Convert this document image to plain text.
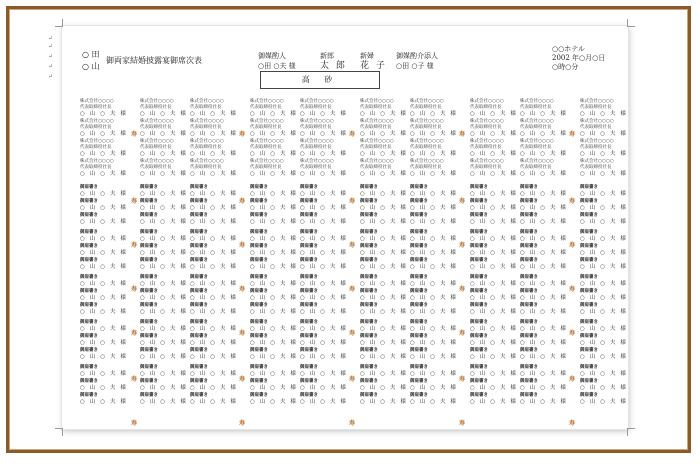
○ 田
○ 山
御両家結婚披露宴御席次表	御媒酌人
○田 ○夫 様
新郎
太 郎
新婦
花 子
御媒酌介添人
○田 ○子 様
○○ホテル
2002 年○月○日
○時○分
高 砂
株式会社○○○○
代表取締役社長
○ 山 ○ 夫 様
株式会社○○○○
代表取締役社長
○ 山 ○ 夫 様
株式会社○○○○
代表取締役社長
○ 山 ○ 夫 様
株式会社○○○○
代表取締役社長
○ 山 ○ 夫 様
御肩書き
○ 山 ○ 夫 様
御肩書き
○ 山 ○ 夫 様
御肩書き
○ 山 ○ 夫 様
御肩書き
○ 山 ○ 夫 様
御肩書き
○ 山 ○ 夫 様
御肩書き
○ 山 ○ 夫 様
御肩書き
○ 山 ○ 夫 様
御肩書き
○ 山 ○ 夫 様
御肩書き
○ 山 ○ 夫 様
御肩書き
○ 山 ○ 夫 様
御肩書き
○ 山 ○ 夫 様
御肩書き
○ 山 ○ 夫 様
御肩書き
○ 山 ○ 夫 様
御肩書き
○ 山 ○ 夫 様
御肩書き
○ 山 ○ 夫 様
株式会社○○○○
代表取締役社長
○ 山 ○ 夫 様
株式会社○○○○
代表取締役社長
○ 山 ○ 夫 様
株式会社○○○○
代表取締役社長
○ 山 ○ 夫 様
株式会社○○○○
代表取締役社長
○ 山 ○ 夫 様
御肩書き
○ 山 ○ 夫 様
御肩書き
○ 山 ○ 夫 様
御肩書き
○ 山 ○ 夫 様
御肩書き
○ 山 ○ 夫 様
御肩書き
○ 山 ○ 夫 様
御肩書き
○ 山 ○ 夫 様
御肩書き
○ 山 ○ 夫 様
御肩書き
○ 山 ○ 夫 様
御肩書き
○ 山 ○ 夫 様
御肩書き
○ 山 ○ 夫 様
御肩書き
○ 山 ○ 夫 様
御肩書き
○ 山 ○ 夫 様
御肩書き
○ 山 ○ 夫 様
御肩書き
○ 山 ○ 夫 様
御肩書き
○ 山 ○ 夫 様
株式会社○○○○
代表取締役社長
○ 山 ○ 夫 様
株式会社○○○○
代表取締役社長
○ 山 ○ 夫 様
株式会社○○○○
代表取締役社長
○ 山 ○ 夫 様
株式会社○○○○
代表取締役社長
○ 山 ○ 夫 様
御肩書き
○ 山 ○ 夫 様
御肩書き
○ 山 ○ 夫 様
御肩書き
○ 山 ○ 夫 様
御肩書き
○ 山 ○ 夫 様
御肩書き
○ 山 ○ 夫 様
御肩書き
○ 山 ○ 夫 様
御肩書き
○ 山 ○ 夫 様
御肩書き
○ 山 ○ 夫 様
御肩書き
○ 山 ○ 夫 様
御肩書き
○ 山 ○ 夫 様
御肩書き
○ 山 ○ 夫 様
御肩書き
○ 山 ○ 夫 様
御肩書き
○ 山 ○ 夫 様
御肩書き
○ 山 ○ 夫 様
御肩書き
○ 山 ○ 夫 様
株式会社○○○○
代表取締役社長
○ 山 ○ 夫 様
株式会社○○○○
代表取締役社長
○ 山 ○ 夫 様
株式会社○○○○
代表取締役社長
○ 山 ○ 夫 様
株式会社○○○○
代表取締役社長
○ 山 ○ 夫 様
御肩書き
○ 山 ○ 夫 様
御肩書き
○ 山 ○ 夫 様
御肩書き
○ 山 ○ 夫 様
御肩書き
○ 山 ○ 夫 様
御肩書き
○ 山 ○ 夫 様
御肩書き
○ 山 ○ 夫 様
御肩書き
○ 山 ○ 夫 様
御肩書き
○ 山 ○ 夫 様
御肩書き
○ 山 ○ 夫 様
御肩書き
○ 山 ○ 夫 様
御肩書き
○ 山 ○ 夫 様
御肩書き
○ 山 ○ 夫 様
御肩書き
○ 山 ○ 夫 様
御肩書き
○ 山 ○ 夫 様
御肩書き
○ 山 ○ 夫 様
株式会社○○○○
代表取締役社長
○ 山 ○ 夫 様
株式会社○○○○
代表取締役社長
○ 山 ○ 夫 様
株式会社○○○○
代表取締役社長
○ 山 ○ 夫 様
株式会社○○○○
代表取締役社長
○ 山 ○ 夫 様
御肩書き
○ 山 ○ 夫 様
御肩書き
○ 山 ○ 夫 様
御肩書き
○ 山 ○ 夫 様
御肩書き
○ 山 ○ 夫 様
御肩書き
○ 山 ○ 夫 様
御肩書き
○ 山 ○ 夫 様
御肩書き
○ 山 ○ 夫 様
御肩書き
○ 山 ○ 夫 様
御肩書き
○ 山 ○ 夫 様
御肩書き
○ 山 ○ 夫 様
御肩書き
○ 山 ○ 夫 様
御肩書き
○ 山 ○ 夫 様
御肩書き
○ 山 ○ 夫 様
御肩書き
○ 山 ○ 夫 様
御肩書き
○ 山 ○ 夫 様
株式会社○○○○
代表取締役社長
○ 山 ○ 夫 様
株式会社○○○○
代表取締役社長
○ 山 ○ 夫 様
株式会社○○○○
代表取締役社長
○ 山 ○ 夫 様
株式会社○○○○
代表取締役社長
○ 山 ○ 夫 様
御肩書き
○ 山 ○ 夫 様
御肩書き
○ 山 ○ 夫 様
御肩書き
○ 山 ○ 夫 様
御肩書き
○ 山 ○ 夫 様
御肩書き
○ 山 ○ 夫 様
御肩書き
○ 山 ○ 夫 様
御肩書き
○ 山 ○ 夫 様
御肩書き
○ 山 ○ 夫 様
御肩書き
○ 山 ○ 夫 様
御肩書き
○ 山 ○ 夫 様
御肩書き
○ 山 ○ 夫 様
御肩書き
○ 山 ○ 夫 様
御肩書き
○ 山 ○ 夫 様
御肩書き
○ 山 ○ 夫 様
御肩書き
○ 山 ○ 夫 様
株式会社○○○○
代表取締役社長
○ 山 ○ 夫 様
株式会社○○○○
代表取締役社長
○ 山 ○ 夫 様
株式会社○○○○
代表取締役社長
○ 山 ○ 夫 様
株式会社○○○○
代表取締役社長
○ 山 ○ 夫 様
御肩書き
○ 山 ○ 夫 様
御肩書き
○ 山 ○ 夫 様
御肩書き
○ 山 ○ 夫 様
御肩書き
○ 山 ○ 夫 様
御肩書き
○ 山 ○ 夫 様
御肩書き
○ 山 ○ 夫 様
御肩書き
○ 山 ○ 夫 様
御肩書き
○ 山 ○ 夫 様
御肩書き
○ 山 ○ 夫 様
御肩書き
○ 山 ○ 夫 様
御肩書き
○ 山 ○ 夫 様
御肩書き
○ 山 ○ 夫 様
御肩書き
○ 山 ○ 夫 様
御肩書き
○ 山 ○ 夫 様
御肩書き
○ 山 ○ 夫 様
株式会社○○○○
代表取締役社長
○ 山 ○ 夫 様
株式会社○○○○
代表取締役社長
○ 山 ○ 夫 様
株式会社○○○○
代表取締役社長
○ 山 ○ 夫 様
株式会社○○○○
代表取締役社長
○ 山 ○ 夫 様
御肩書き
○ 山 ○ 夫 様
御肩書き
○ 山 ○ 夫 様
御肩書き
○ 山 ○ 夫 様
御肩書き
○ 山 ○ 夫 様
御肩書き
○ 山 ○ 夫 様
御肩書き
○ 山 ○ 夫 様
御肩書き
○ 山 ○ 夫 様
御肩書き
○ 山 ○ 夫 様
御肩書き
○ 山 ○ 夫 様
御肩書き
○ 山 ○ 夫 様
御肩書き
○ 山 ○ 夫 様
御肩書き
○ 山 ○ 夫 様
御肩書き
○ 山 ○ 夫 様
御肩書き
○ 山 ○ 夫 様
御肩書き
○ 山 ○ 夫 様
株式会社○○○○
代表取締役社長
○ 山 ○ 夫 様
株式会社○○○○
代表取締役社長
○ 山 ○ 夫 様
株式会社○○○○
代表取締役社長
○ 山 ○ 夫 様
株式会社○○○○
代表取締役社長
○ 山 ○ 夫 様
御肩書き
○ 山 ○ 夫 様
御肩書き
○ 山 ○ 夫 様
御肩書き
○ 山 ○ 夫 様
御肩書き
○ 山 ○ 夫 様
御肩書き
○ 山 ○ 夫 様
御肩書き
○ 山 ○ 夫 様
御肩書き
○ 山 ○ 夫 様
御肩書き
○ 山 ○ 夫 様
御肩書き
○ 山 ○ 夫 様
御肩書き
○ 山 ○ 夫 様
御肩書き
○ 山 ○ 夫 様
御肩書き
○ 山 ○ 夫 様
御肩書き
○ 山 ○ 夫 様
御肩書き
○ 山 ○ 夫 様
御肩書き
○ 山 ○ 夫 様
株式会社○○○○
代表取締役社長
○ 山 ○ 夫 様
株式会社○○○○
代表取締役社長
○ 山 ○ 夫 様
株式会社○○○○
代表取締役社長
○ 山 ○ 夫 様
株式会社○○○○
代表取締役社長
○ 山 ○ 夫 様
御肩書き
○ 山 ○ 夫 様
御肩書き
○ 山 ○ 夫 様
御肩書き
○ 山 ○ 夫 様
御肩書き
○ 山 ○ 夫 様
御肩書き
○ 山 ○ 夫 様
御肩書き
○ 山 ○ 夫 様
御肩書き
○ 山 ○ 夫 様
御肩書き
○ 山 ○ 夫 様
御肩書き
○ 山 ○ 夫 様
御肩書き
○ 山 ○ 夫 様
御肩書き
○ 山 ○ 夫 様
御肩書き
○ 山 ○ 夫 様
御肩書き
○ 山 ○ 夫 様
御肩書き
○ 山 ○ 夫 様
御肩書き
○ 山 ○ 夫 様
寿
寿
寿
寿
寿
寿
寿
寿
寿
寿
寿
寿
寿
寿
寿
寿
寿
寿
寿
寿
寿
寿
寿
寿
寿
寿
寿
寿
寿
寿
寿
寿
寿
寿
寿
↵
↵
↵
↵
↵
